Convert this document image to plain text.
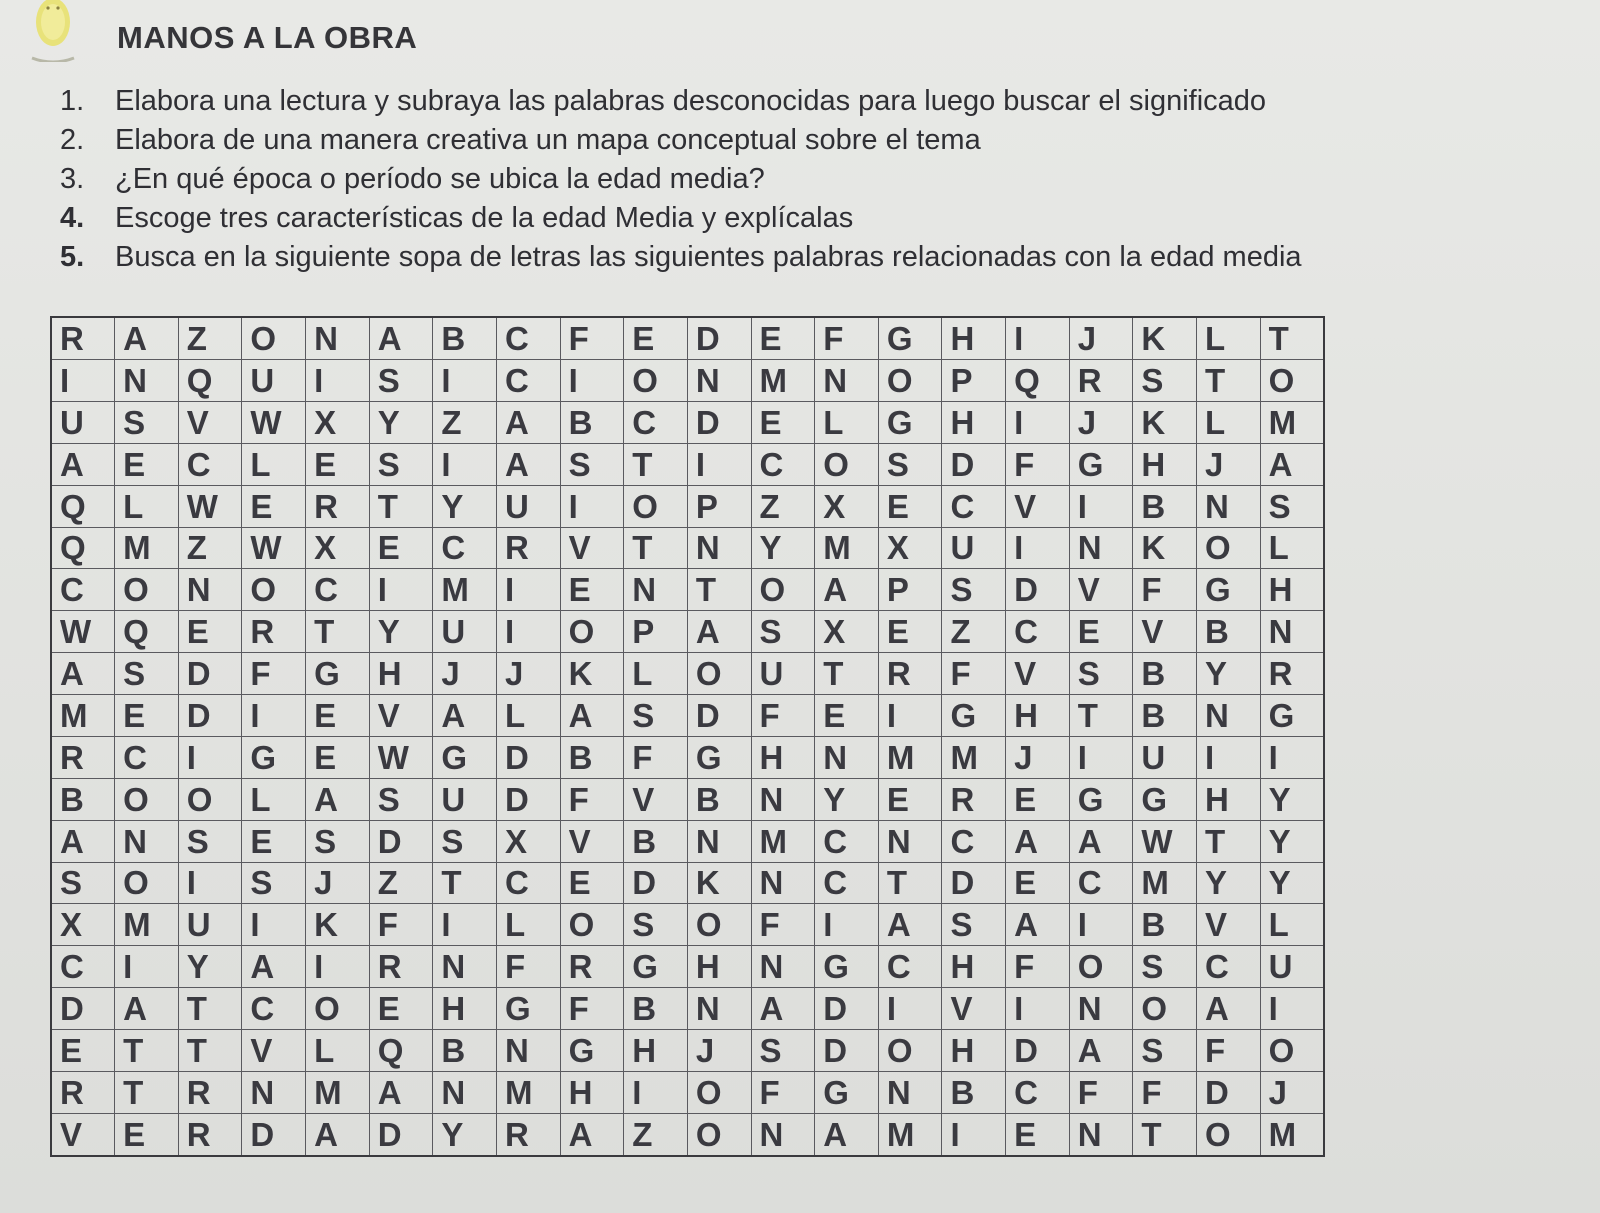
MANOS A LA OBRA
1. Elabora una lectura y subraya las palabras desconocidas para luego buscar el significado
2. Elabora de una manera creativa un mapa conceptual sobre el tema
3. ¿En qué época o período se ubica la edad media?
4. Escoge tres características de la edad Media y explícalas
5. Busca en la siguiente sopa de letras las siguientes palabras relacionadas con la edad media
R	A	Z	O	N	A	B	C	F	E	D	E	F	G	H	I	J	K	L	T
I	N	Q	U	I	S	I	C	I	O	N	M	N	O	P	Q	R	S	T	O
U	S	V	W	X	Y	Z	A	B	C	D	E	L	G	H	I	J	K	L	M
A	E	C	L	E	S	I	A	S	T	I	C	O	S	D	F	G	H	J	A
Q	L	W	E	R	T	Y	U	I	O	P	Z	X	E	C	V	I	B	N	S
Q	M	Z	W	X	E	C	R	V	T	N	Y	M	X	U	I	N	K	O	L
C	O	N	O	C	I	M	I	E	N	T	O	A	P	S	D	V	F	G	H
W	Q	E	R	T	Y	U	I	O	P	A	S	X	E	Z	C	E	V	B	N
A	S	D	F	G	H	J	J	K	L	O	U	T	R	F	V	S	B	Y	R
M	E	D	I	E	V	A	L	A	S	D	F	E	I	G	H	T	B	N	G
R	C	I	G	E	W	G	D	B	F	G	H	N	M	M	J	I	U	I	I
B	O	O	L	A	S	U	D	F	V	B	N	Y	E	R	E	G	G	H	Y
A	N	S	E	S	D	S	X	V	B	N	M	C	N	C	A	A	W	T	Y
S	O	I	S	J	Z	T	C	E	D	K	N	C	T	D	E	C	M	Y	Y
X	M	U	I	K	F	I	L	O	S	O	F	I	A	S	A	I	B	V	L
C	I	Y	A	I	R	N	F	R	G	H	N	G	C	H	F	O	S	C	U
D	A	T	C	O	E	H	G	F	B	N	A	D	I	V	I	N	O	A	I
E	T	T	V	L	Q	B	N	G	H	J	S	D	O	H	D	A	S	F	O
R	T	R	N	M	A	N	M	H	I	O	F	G	N	B	C	F	F	D	J
V	E	R	D	A	D	Y	R	A	Z	O	N	A	M	I	E	N	T	O	M
